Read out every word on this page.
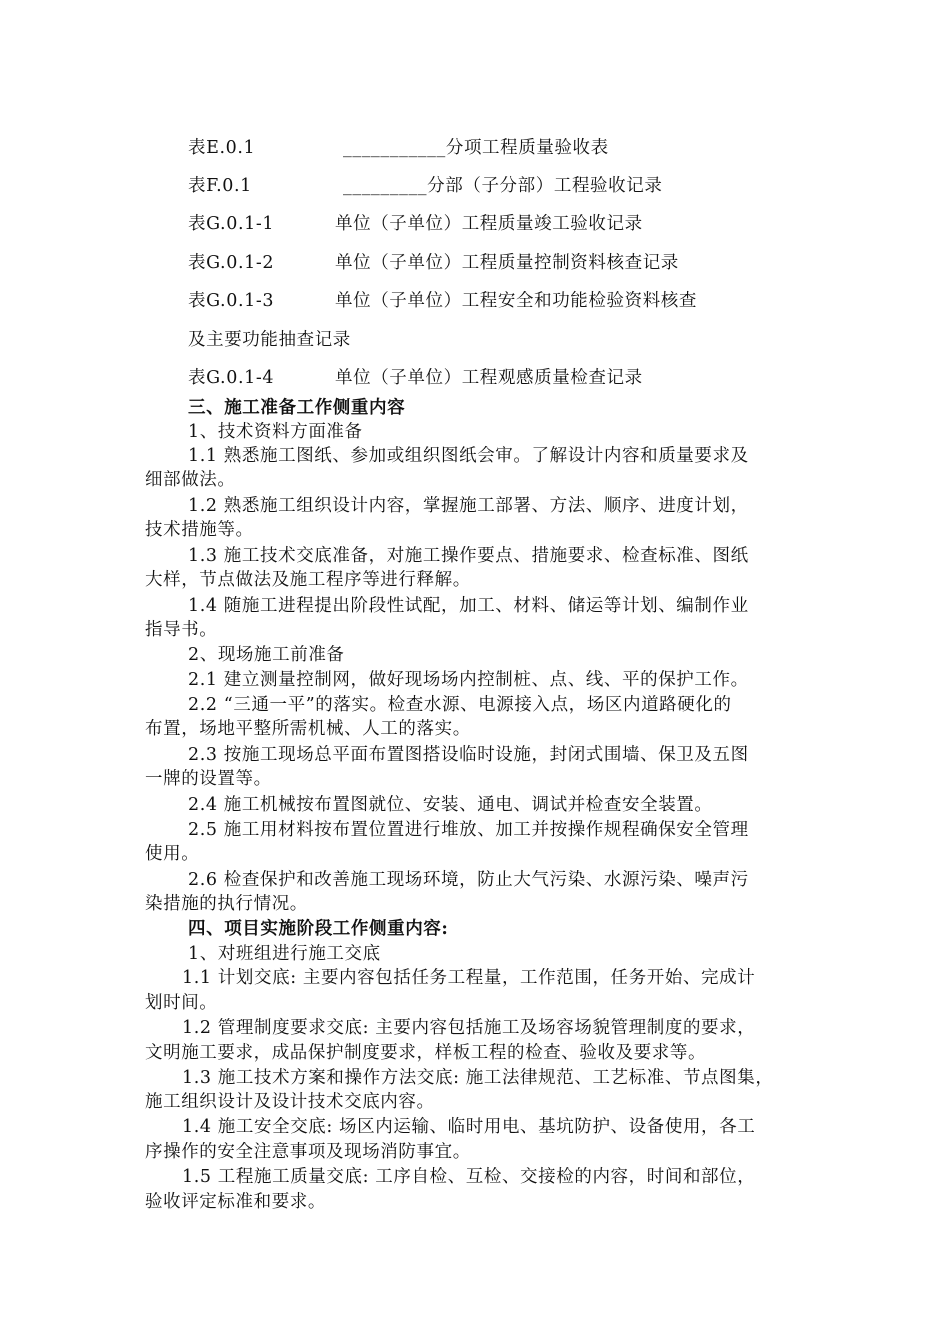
表E.0.1	___________分项工程质量验收表
表F.0.1	_________分部（子分部）工程验收记录
表G.0.1-1	单位（子单位）工程质量竣工验收记录
表G.0.1-2	单位（子单位）工程质量控制资料核查记录
表G.0.1-3	单位（子单位）工程安全和功能检验资料核查
及主要功能抽查记录
表G.0.1-4	单位（子单位）工程观感质量检查记录
三、施工准备工作侧重内容
1、技术资料方面准备
1.1 熟悉施工图纸、参加或组织图纸会审。了解设计内容和质量要求及
细部做法。
1.2 熟悉施工组织设计内容，掌握施工部署、方法、顺序、进度计划，
技术措施等。
1.3 施工技术交底准备，对施工操作要点、措施要求、检查标准、图纸
大样，节点做法及施工程序等进行释解。
1.4 随施工进程提出阶段性试配，加工、材料、储运等计划、编制作业
指导书。
2、现场施工前准备
2.1 建立测量控制网，做好现场场内控制桩、点、线、平的保护工作。
2.2 “三通一平”的落实。检查水源、电源接入点，场区内道路硬化的
布置，场地平整所需机械、人工的落实。
2.3 按施工现场总平面布置图搭设临时设施，封闭式围墙、保卫及五图
一牌的设置等。
2.4 施工机械按布置图就位、安装、通电、调试并检查安全装置。
2.5 施工用材料按布置位置进行堆放、加工并按操作规程确保安全管理
使用。
2.6 检查保护和改善施工现场环境，防止大气污染、水源污染、噪声污
染措施的执行情况。
四、项目实施阶段工作侧重内容:
1、对班组进行施工交底
1.1 计划交底: 主要内容包括任务工程量，工作范围，任务开始、完成计
划时间。
1.2 管理制度要求交底: 主要内容包括施工及场容场貌管理制度的要求，
文明施工要求，成品保护制度要求，样板工程的检查、验收及要求等。
1.3 施工技术方案和操作方法交底: 施工法律规范、工艺标准、节点图集，
施工组织设计及设计技术交底内容。
1.4 施工安全交底: 场区内运输、临时用电、基坑防护、设备使用，各工
序操作的安全注意事项及现场消防事宜。
1.5 工程施工质量交底: 工序自检、互检、交接检的内容，时间和部位，
验收评定标准和要求。
